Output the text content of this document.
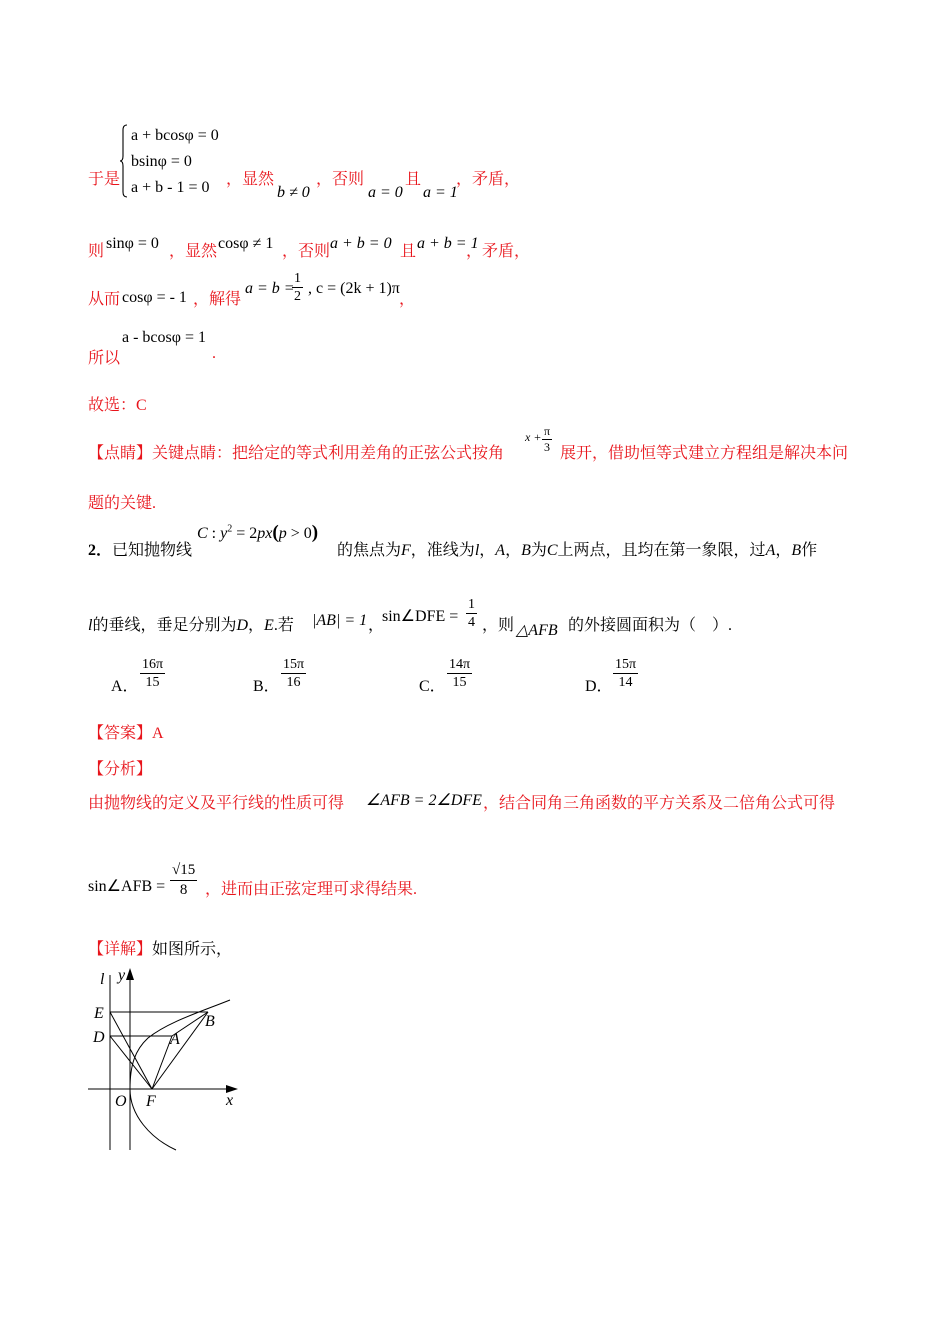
于是
a + bcosφ = 0
bsinφ = 0
a + b - 1 = 0 ，显然
b ≠ 0
，否则
a = 0
且
a = 1
，矛盾，
则 sinφ = 0 ，显然 cosφ ≠ 1 ，否则 a + b = 0 且 a + b = 1
，矛盾，
从而 cosφ = - 1 ，解得
a = b =
$\frac{1}{2}$ , c = (2k + 1)π
，
所以
a - bcosφ = 1
.
故选：C
【点睛】关键点睛：把给定的等式利用差角的正弦公式按角
$x + \frac{\pi}{3}$ 展开，借助恒等式建立方程组是解决本问
题的关键.
2． 已知抛物线
C : $y^2 = 2px(p > 0)$
的焦点为F，准线为l，A，B为C上两点，且均在第一象限，过A，B作
l的垂线，垂足分别为D，E.若 |AB| = 1 ，
sin∠DFE = $\frac{1}{4}$ ，则 △AFB 的外接圆面积为（　）.
A． $\frac{16\pi}{15}$	B． $\frac{15\pi}{16}$	C． $\frac{14\pi}{15}$	D． $\frac{15\pi}{14}$
【答案】A
【分析】
由抛物线的定义及平行线的性质可得 ∠AFB = 2∠DFE ，结合同角三角函数的平方关系及二倍角公式可得
sin∠AFB = $\frac{√15}{8}$ ，进而由正弦定理可求得结果.
【详解】如图所示，
l y
E
D
B
A
O F	x
